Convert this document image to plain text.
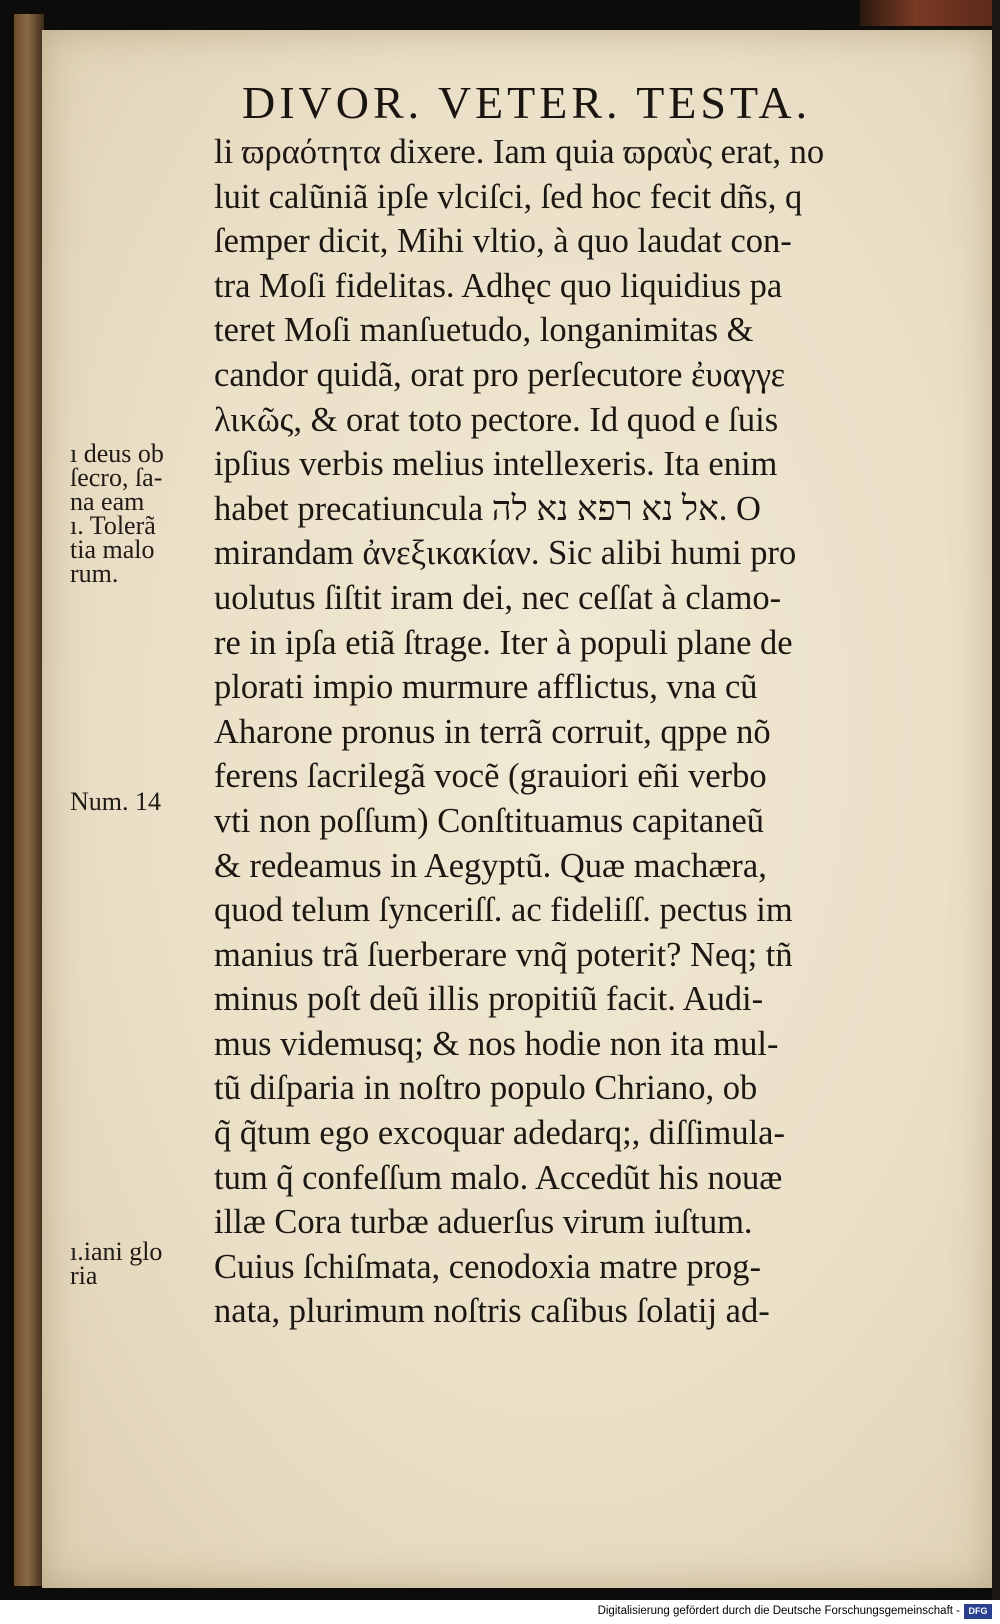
DIVOR. VETER. TESTA.
ı deus ob
ſecro, ſa-
na eam
ı. Tolerã
tia malo
rum.
Num. 14
ı.iani glo
ria
li ϖραότητα dixere. Iam quia ϖραὺς erat, no
luit calũniã ipſe vlciſci, ſed hoc fecit dñs, q
ſemper dicit, Mihi vltio, à quo laudat con-
tra Moſi fidelitas. Adhęc quo liquidius pa
teret Moſi manſuetudo, longanimitas &
candor quidã, orat pro perſecutore ἐυαγγε
λικῶς, & orat toto pectore. Id quod e ſuis
ipſius verbis melius intellexeris. Ita enim
habet precatiuncula אל נא רפא נא לה. O
mirandam ἀνεξικακίαν. Sic alibi humi pro
uolutus ſiſtit iram dei, nec ceſſat à clamo-
re in ipſa etiã ſtrage. Iter à populi plane de
plorati impio murmure afflictus, vna cũ
Aharone pronus in terrã corruit, qppe nõ
ferens ſacrilegã vocẽ (grauiori eñi verbo
vti non poſſum) Conſtituamus capitaneũ
& redeamus in Aegyptũ. Quæ machæra,
quod telum ſynceriſſ. ac fideliſſ. pectus im
manius trã ſuerberare vnq̃ poterit? Neq; tñ
minus poſt deũ illis propitiũ facit. Audi-
mus videmusq; & nos hodie non ita mul-
tũ diſparia in noſtro populo Chriano, ob
q̃ q̃tum ego excoquar adedarq;, diſſimula-
tum q̃ confeſſum malo. Accedũt his nouæ
illæ Cora turbæ aduerſus virum iuſtum.
Cuius ſchiſmata, cenodoxia matre prog-
nata, plurimum noſtris caſibus ſolatij ad-
Digitalisierung gefördert durch die Deutsche Forschungsgemeinschaft - DFG
